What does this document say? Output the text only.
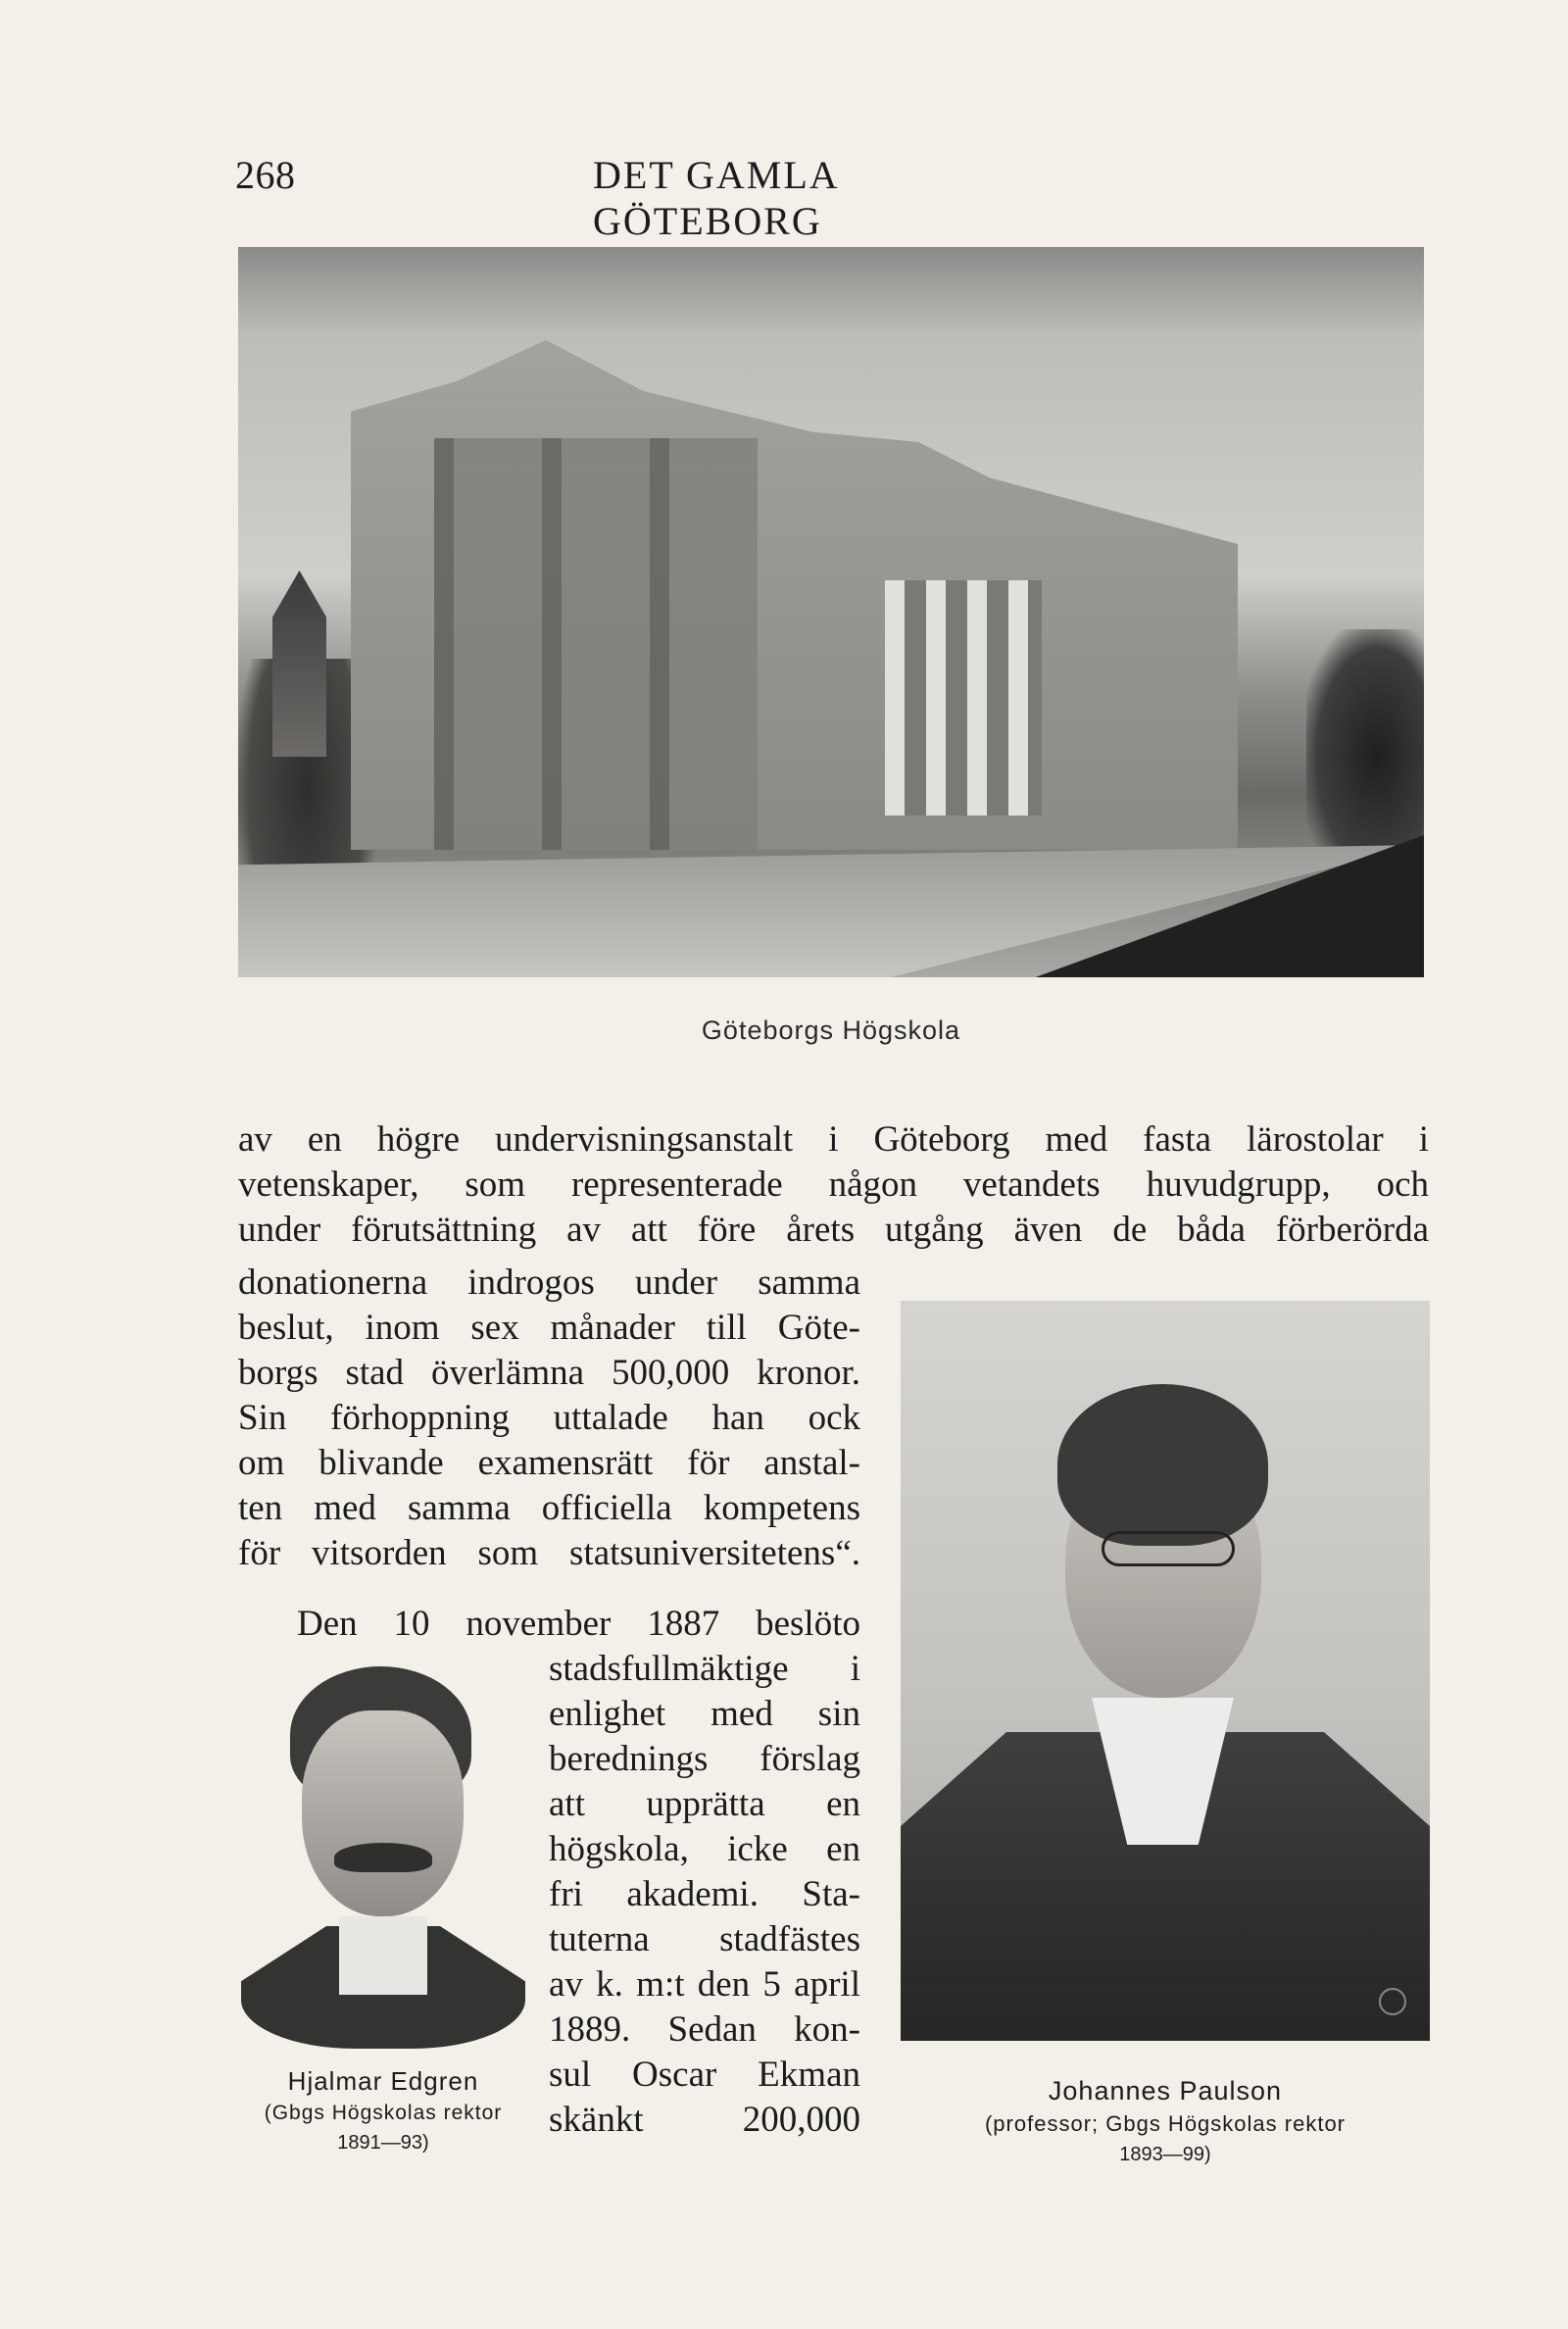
268	DET GAMLA GÖTEBORG
Göteborgs Högskola
av en högre undervisningsanstalt i Göteborg med fasta lärostolar i
vetenskaper, som representerade någon vetandets huvudgrupp, och
under förutsättning av att före årets utgång även de båda förberörda
donationerna indrogos under samma
beslut, inom sex månader till Göte-
borgs stad överlämna 500,000 kronor.
Sin förhoppning uttalade han ock
om blivande examensrätt för anstal-
ten med samma officiella kompetens
för vitsorden som statsuniversitetens“.
Den 10 november 1887 beslöto
stadsfullmäktige i
enlighet med sin
berednings förslag
att upprätta en
högskola, icke en
fri akademi. Sta-
tuterna stadfästes
av k. m:t den 5 april
1889. Sedan kon-
sul Oscar Ekman
skänkt 200,000
Johannes Paulson
(professor; Gbgs Högskolas rektor
1893—99)
Hjalmar Edgren
(Gbgs Högskolas rektor
1891—93)
